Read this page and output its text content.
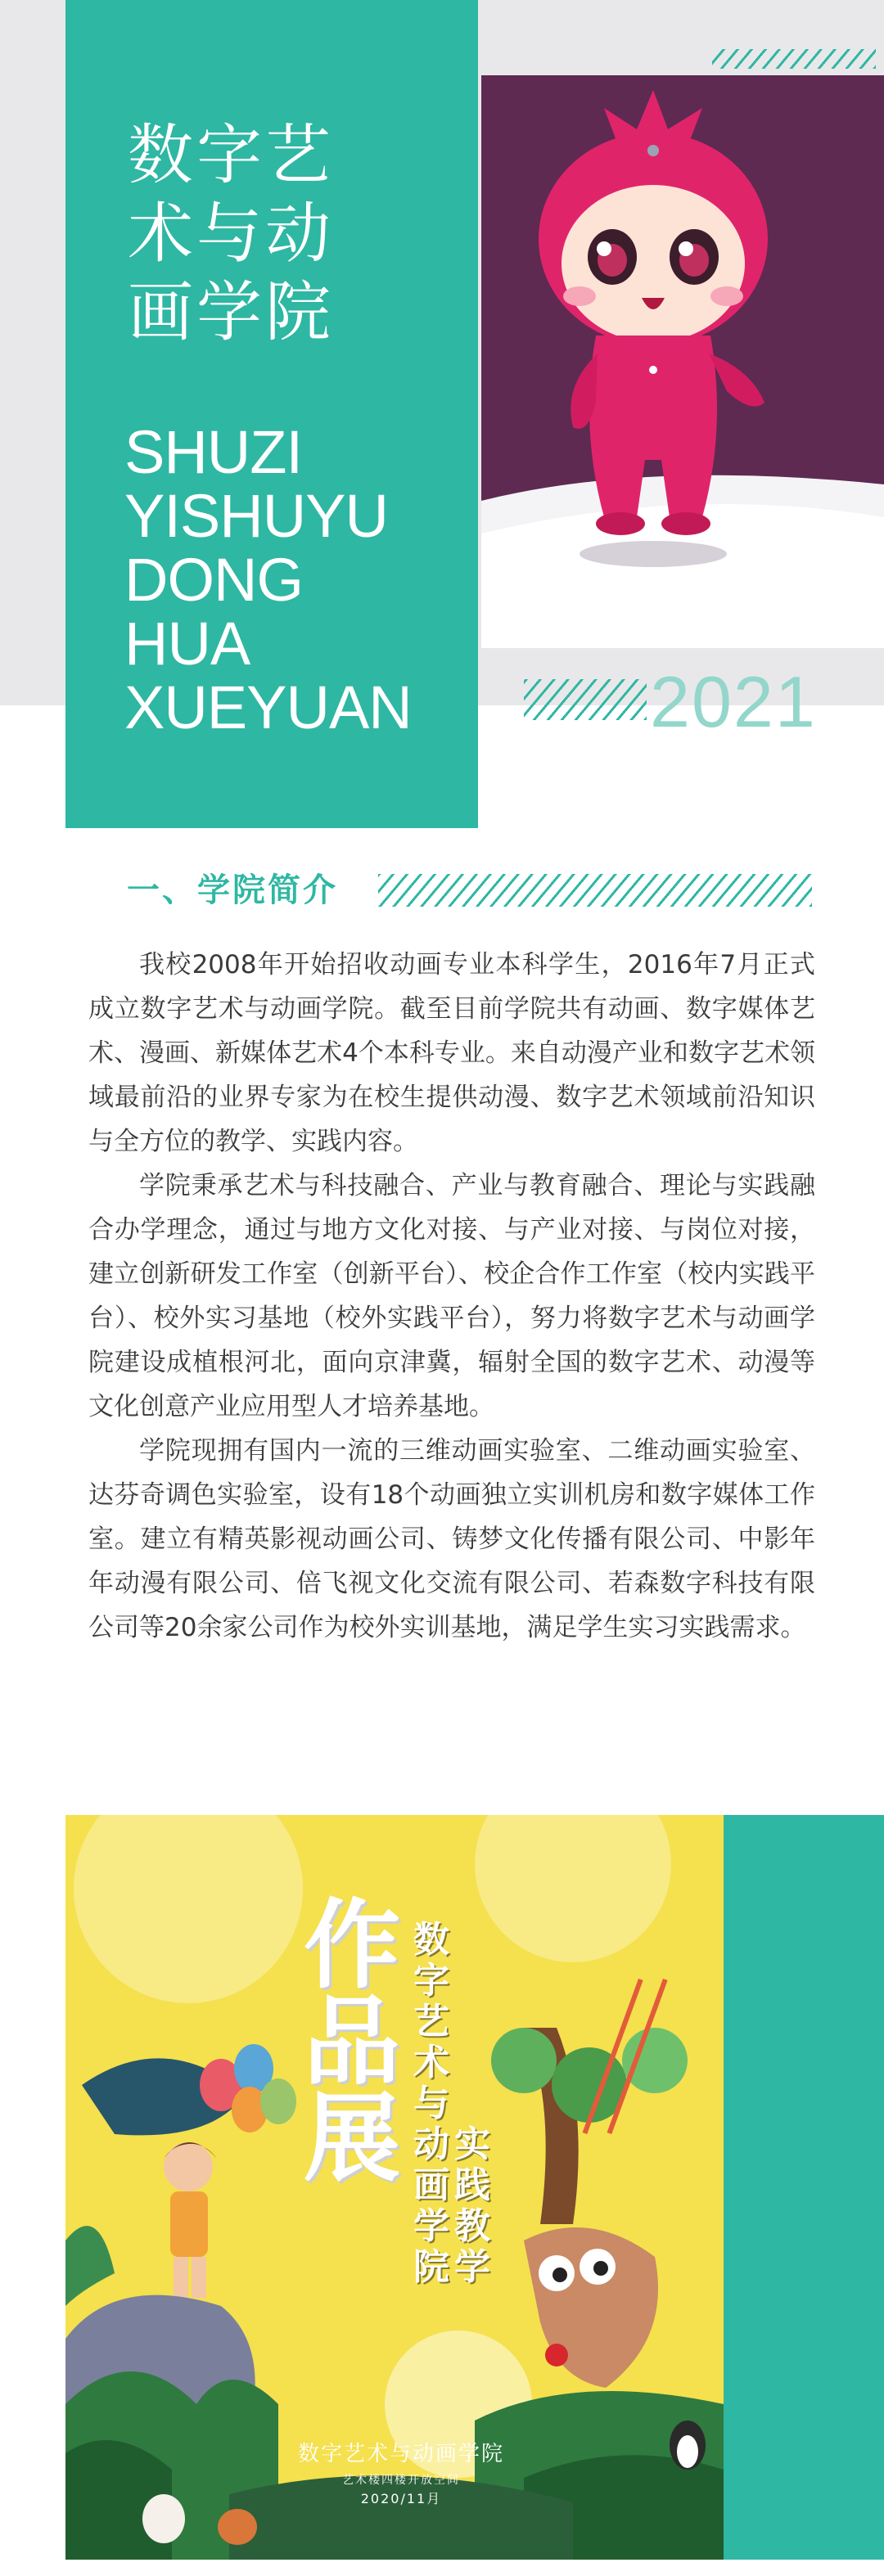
数字艺术与动画学院
SHUZI
YISHUYU
DONG
HUA
XUEYUAN	2021
一、学院简介

我校2008年开始招收动画专业本科学生，2016年7月正式成立数字艺术与动画学院。截至目前学院共有动画、数字媒体艺术、漫画、新媒体艺术4个本科专业。来自动漫产业和数字艺术领域最前沿的业界专家为在校生提供动漫、数字艺术领域前沿知识与全方位的教学、实践内容。

学院秉承艺术与科技融合、产业与教育融合、理论与实践融合办学理念，通过与地方文化对接、与产业对接、与岗位对接，建立创新研发工作室（创新平台）、校企合作工作室（校内实践平台）、校外实习基地（校外实践平台），努力将数字艺术与动画学院建设成植根河北，面向京津冀，辐射全国的数字艺术、动漫等文化创意产业应用型人才培养基地。

学院现拥有国内一流的三维动画实验室、二维动画实验室、达芬奇调色实验室，设有18个动画独立实训机房和数字媒体工作室。建立有精英影视动画公司、铸梦文化传播有限公司、中影年年动漫有限公司、倍飞视文化交流有限公司、若森数字科技有限公司等20余家公司作为校外实训基地，满足学生实习实践需求。

作品展
数字艺术与动画学院
实践教学
数字艺术与动画学院
艺术楼四楼开放空间
2020/11月
